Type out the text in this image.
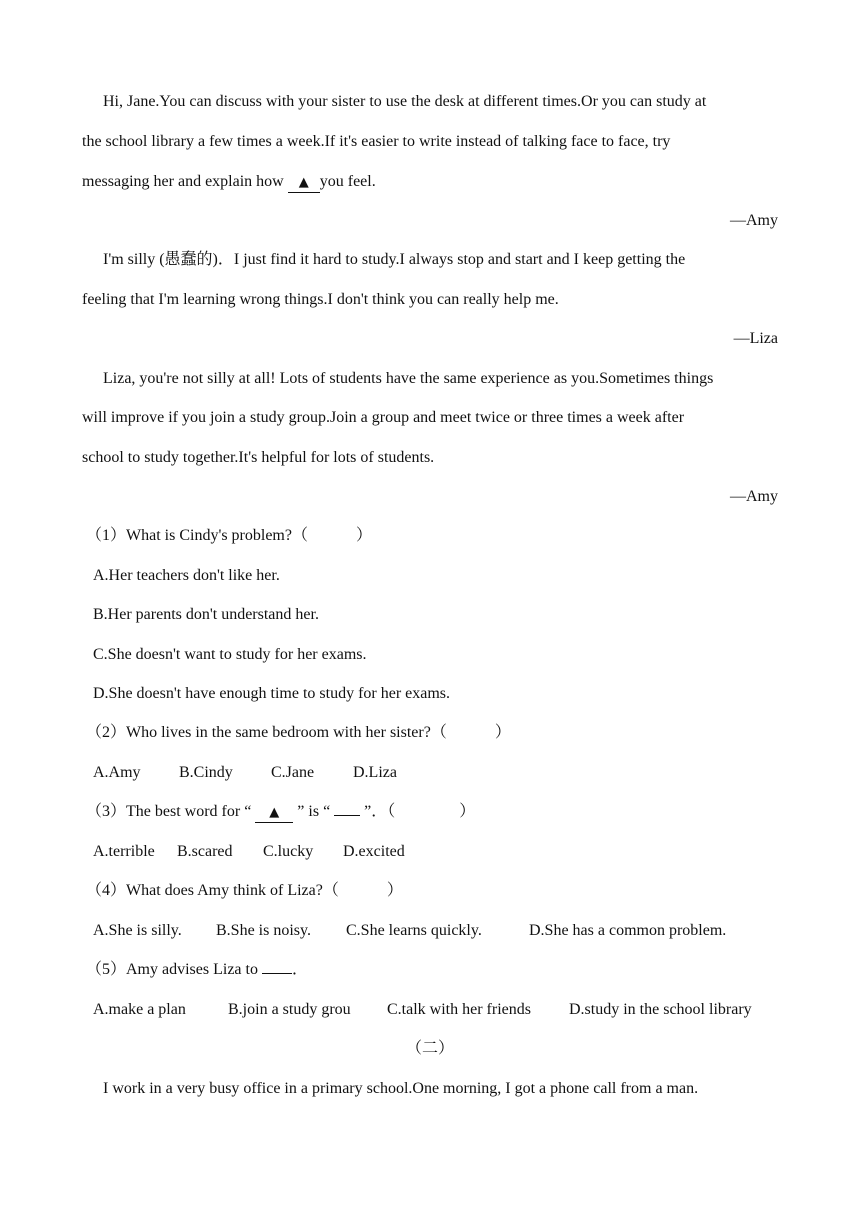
Hi, Jane.You can discuss with your sister to use the desk at different times.Or you can study at
the school library a few times a week.If it's easier to write instead of talking face to face, try
messaging her and explain how ▲ you feel.
—Amy
I'm silly (愚蠢的)．I just find it hard to study.I always stop and start and I keep getting the
feeling that I'm learning wrong things.I don't think you can really help me.
—Liza
Liza, you're not silly at all! Lots of students have the same experience as you.Sometimes things
will improve if you join a study group.Join a group and meet twice or three times a week after
school to study together.It's helpful for lots of students.
—Amy
（1）What is Cindy's problem?（　　　）
A.Her teachers don't like her.
B.Her parents don't understand her.
C.She doesn't want to study for her exams.
D.She doesn't have enough time to study for her exams.
（2）Who lives in the same bedroom with her sister?（　　　）
A.Amy B.Cindy C.Jane D.Liza
（3）The best word for “ ▲ ” is “  ”．（　　　　）
A.terrible B.scared C.lucky D.excited
（4）What does Amy think of Liza?（　　　）
A.She is silly. B.She is noisy. C.She learns quickly.	D.She has a common problem.
（5）Amy advises Liza to ．
A.make a plan	B.join a study grou C.talk with her friends D.study in the school library
（二）
I work in a very busy office in a primary school.One morning, I got a phone call from a man.
